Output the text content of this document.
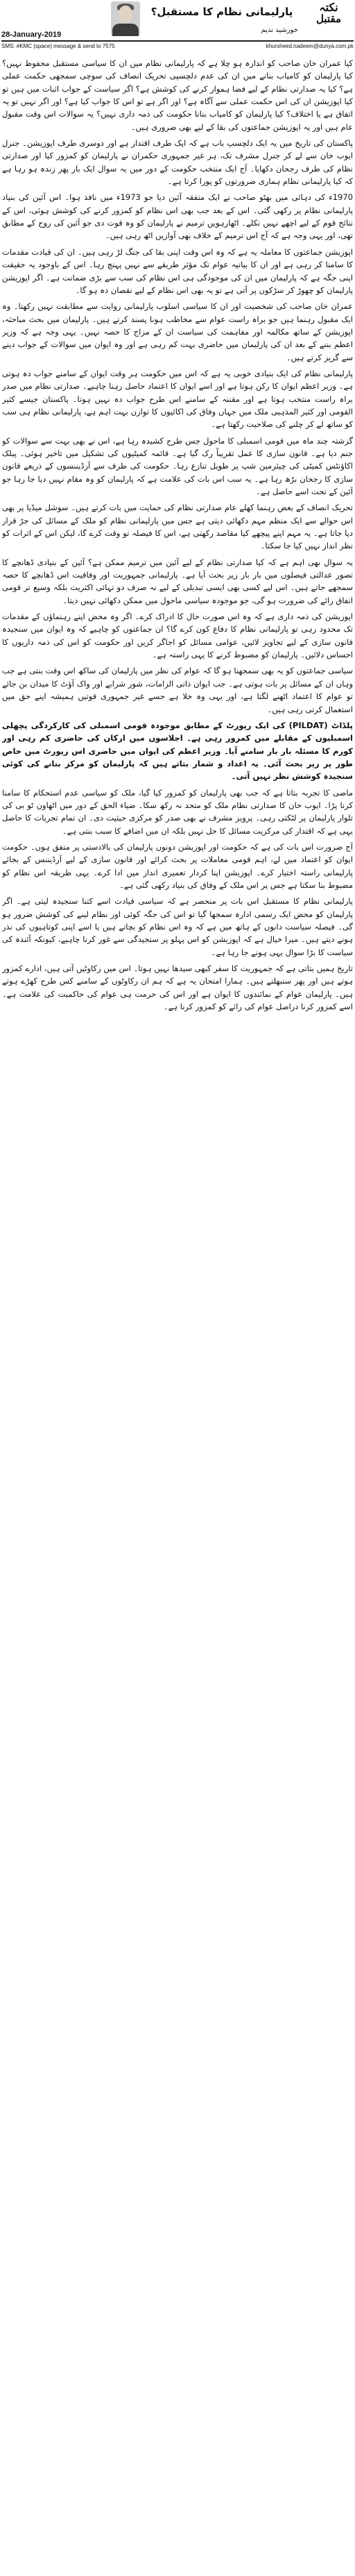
پارلیمانی نظام کا مستقبل؟	نکتہ
مقتبل
خورشید ندیم
28-January-2019
SMS: #KMC (space) message & send to 7575	khursheed.nadeem@dunya.com.pk

کیا عمران خان صاحب کو اندازہ ہو چلا ہے کہ پارلیمانی نظام میں ان کا سیاسی مستقبل محفوظ نہیں؟ کیا پارلیمان کو کامیاب بنانے میں ان کی عدم دلچسپی تحریک انصاف کی سوچی سمجھی حکمت عملی ہے؟ کیا یہ صدارتی نظام کے لیے فضا ہموار کرنے کی کوشش ہے؟ اگر سیاست کے جواب اثبات میں ہیں تو کیا اپوزیشن ان کی اس حکمت عملی سے آگاہ ہے؟ اور اگر ہے تو اس کا جواب کیا ہے؟ اور اگر نہیں تو یہ اتفاق ہے یا اختلاف؟ کیا پارلیمان کو کامیاب بنانا حکومت کی ذمہ داری نہیں؟ یہ سوالات اس وقت مقبول عام ہیں اور یہ اپوزیشن جماعتوں کی بقا کے لیے بھی ضروری ہیں۔

پاکستان کی تاریخ میں یہ ایک دلچسپ باب ہے کہ ایک طرف اقتدار ہے اور دوسری طرف اپوزیشن۔ جنرل ایوب خان سے لے کر جنرل مشرف تک، ہر غیر جمہوری حکمران نے پارلیمان کو کمزور کیا اور صدارتی نظام کی طرف رجحان دکھایا۔ آج ایک منتخب حکومت کے دور میں یہ سوال ایک بار پھر زندہ ہو رہا ہے کہ کیا پارلیمانی نظام ہماری ضرورتوں کو پورا کرتا ہے۔

1970ء کی دہائی میں بھٹو صاحب نے ایک متفقہ آئین دیا جو 1973ء میں نافذ ہوا۔ اس آئین کی بنیاد پارلیمانی نظام پر رکھی گئی۔ اس کے بعد جب بھی اس نظام کو کمزور کرنے کی کوشش ہوئی، اس کے نتائج قوم کے لیے اچھے نہیں نکلے۔ اٹھارہویں ترمیم نے پارلیمان کو وہ قوت دی جو آئین کی روح کے مطابق تھی، اور یہی وجہ ہے کہ آج اس ترمیم کے خلاف بھی آوازیں اٹھ رہی ہیں۔

اپوزیشن جماعتوں کا معاملہ یہ ہے کہ وہ اس وقت اپنی بقا کی جنگ لڑ رہی ہیں۔ ان کی قیادت مقدمات کا سامنا کر رہی ہے اور ان کا بیانیہ عوام تک مؤثر طریقے سے نہیں پہنچ رہا۔ اس کے باوجود یہ حقیقت اپنی جگہ ہے کہ پارلیمان میں ان کی موجودگی ہی اس نظام کی سب سے بڑی ضمانت ہے۔ اگر اپوزیشن پارلیمان کو چھوڑ کر سڑکوں پر آتی ہے تو یہ بھی اس نظام کے لیے نقصان دہ ہو گا۔

عمران خان صاحب کی شخصیت اور ان کا سیاسی اسلوب پارلیمانی روایت سے مطابقت نہیں رکھتا۔ وہ ایک مقبول رہنما ہیں جو براہ راست عوام سے مخاطب ہونا پسند کرتے ہیں۔ پارلیمان میں بحث مباحثہ، اپوزیشن کے ساتھ مکالمہ اور مفاہمت کی سیاست ان کے مزاج کا حصہ نہیں۔ یہی وجہ ہے کہ وزیر اعظم بننے کے بعد ان کی پارلیمان میں حاضری بہت کم رہی ہے اور وہ ایوان میں سوالات کے جواب دینے سے گریز کرتے ہیں۔

پارلیمانی نظام کی ایک بنیادی خوبی یہ ہے کہ اس میں حکومت ہر وقت ایوان کے سامنے جواب دہ ہوتی ہے۔ وزیر اعظم ایوان کا رکن ہوتا ہے اور اسے ایوان کا اعتماد حاصل رہنا چاہیے۔ صدارتی نظام میں صدر براہ راست منتخب ہوتا ہے اور مقننہ کے سامنے اس طرح جواب دہ نہیں ہوتا۔ پاکستان جیسے کثیر القومی اور کثیر المذہبی ملک میں جہاں وفاق کی اکائیوں کا توازن بہت اہم ہے، پارلیمانی نظام ہی سب کو ساتھ لے کر چلنے کی صلاحیت رکھتا ہے۔

گزشتہ چند ماہ میں قومی اسمبلی کا ماحول جس طرح کشیدہ رہا ہے، اس نے بھی بہت سے سوالات کو جنم دیا ہے۔ قانون سازی کا عمل تقریباً رک گیا ہے۔ قائمہ کمیٹیوں کی تشکیل میں تاخیر ہوئی۔ پبلک اکاؤنٹس کمیٹی کی چیئرمین شپ پر طویل تنازع رہا۔ حکومت کی طرف سے آرڈیننسوں کے ذریعے قانون سازی کا رجحان بڑھ رہا ہے۔ یہ سب اس بات کی علامت ہے کہ پارلیمان کو وہ مقام نہیں دیا جا رہا جو آئین کے تحت اسے حاصل ہے۔

تحریک انصاف کے بعض رہنما کھلے عام صدارتی نظام کی حمایت میں بات کرتے ہیں۔ سوشل میڈیا پر بھی اس حوالے سے ایک منظم مہم دکھائی دیتی ہے جس میں پارلیمانی نظام کو ملک کے مسائل کی جڑ قرار دیا جاتا ہے۔ یہ مہم اپنے پیچھے کیا مقاصد رکھتی ہے، اس کا فیصلہ تو وقت کرے گا، لیکن اس کے اثرات کو نظر انداز نہیں کیا جا سکتا۔

یہ سوال بھی اہم ہے کہ کیا صدارتی نظام کے لیے آئین میں ترمیم ممکن ہے؟ آئین کے بنیادی ڈھانچے کا تصور عدالتی فیصلوں میں بار بار زیر بحث آیا ہے۔ پارلیمانی جمہوریت اور وفاقیت اس ڈھانچے کا حصہ سمجھے جاتے ہیں۔ اس لیے کسی بھی ایسی تبدیلی کے لیے نہ صرف دو تہائی اکثریت بلکہ وسیع تر قومی اتفاق رائے کی ضرورت ہو گی، جو موجودہ سیاسی ماحول میں ممکن دکھائی نہیں دیتا۔

اپوزیشن کی ذمہ داری ہے کہ وہ اس صورت حال کا ادراک کرے۔ اگر وہ محض اپنے رہنماؤں کے مقدمات تک محدود رہی تو پارلیمانی نظام کا دفاع کون کرے گا؟ ان جماعتوں کو چاہیے کہ وہ ایوان میں سنجیدہ قانون سازی کے لیے تجاویز لائیں، عوامی مسائل کو اجاگر کریں اور حکومت کو اس کی ذمہ داریوں کا احساس دلائیں۔ پارلیمان کو مضبوط کرنے کا یہی راستہ ہے۔

سیاسی جماعتوں کو یہ بھی سمجھنا ہو گا کہ عوام کی نظر میں پارلیمان کی ساکھ اس وقت بنتی ہے جب وہاں ان کے مسائل پر بات ہوتی ہے۔ جب ایوان ذاتی الزامات، شور شرابے اور واک آؤٹ کا میدان بن جائے تو عوام کا اعتماد اٹھنے لگتا ہے، اور یہی وہ خلا ہے جسے غیر جمہوری قوتیں ہمیشہ اپنے حق میں استعمال کرتی رہی ہیں۔

پلڈاٹ (PILDAT) کی ایک رپورٹ کے مطابق موجودہ قومی اسمبلی کی کارکردگی پچھلی اسمبلیوں کے مقابلے میں کمزور رہی ہے۔ اجلاسوں میں ارکان کی حاضری کم رہی اور کورم کا مسئلہ بار بار سامنے آیا۔ وزیر اعظم کی ایوان میں حاضری اس رپورٹ میں خاص طور پر زیر بحث آئی۔ یہ اعداد و شمار بتاتے ہیں کہ پارلیمان کو مرکز بنانے کی کوئی سنجیدہ کوشش نظر نہیں آتی۔

ماضی کا تجربہ بتاتا ہے کہ جب بھی پارلیمان کو کمزور کیا گیا، ملک کو سیاسی عدم استحکام کا سامنا کرنا پڑا۔ ایوب خان کا صدارتی نظام ملک کو متحد نہ رکھ سکا۔ ضیاء الحق کے دور میں اٹھاون ٹو بی کی تلوار پارلیمان پر لٹکتی رہی۔ پرویز مشرف نے بھی صدر کو مرکزی حیثیت دی۔ ان تمام تجربات کا حاصل یہی ہے کہ اقتدار کی مرکزیت مسائل کا حل نہیں بلکہ ان میں اضافے کا سبب بنتی ہے۔

آج ضرورت اس بات کی ہے کہ حکومت اور اپوزیشن دونوں پارلیمان کی بالادستی پر متفق ہوں۔ حکومت ایوان کو اعتماد میں لے، اہم قومی معاملات پر بحث کرائے اور قانون سازی کے لیے آرڈیننس کے بجائے پارلیمانی راستہ اختیار کرے۔ اپوزیشن اپنا کردار تعمیری انداز میں ادا کرے۔ یہی طریقہ اس نظام کو مضبوط بنا سکتا ہے جس پر اس ملک کے وفاق کی بنیاد رکھی گئی ہے۔

پارلیمانی نظام کا مستقبل اس بات پر منحصر ہے کہ سیاسی قیادت اسے کتنا سنجیدہ لیتی ہے۔ اگر پارلیمان کو محض ایک رسمی ادارہ سمجھا گیا تو اس کی جگہ کوئی اور نظام لینے کی کوشش ضرور ہو گی۔ فیصلہ سیاست دانوں کے ہاتھ میں ہے کہ وہ اس نظام کو بچاتے ہیں یا اسے اپنی کوتاہیوں کی نذر ہونے دیتے ہیں۔ میرا خیال ہے کہ اپوزیشن کو اس پہلو پر سنجیدگی سے غور کرنا چاہیے، کیونکہ آئندہ کی سیاست کا بڑا سوال یہی ہونے جا رہا ہے۔

تاریخ ہمیں بتاتی ہے کہ جمہوریت کا سفر کبھی سیدھا نہیں ہوتا۔ اس میں رکاوٹیں آتی ہیں، ادارے کمزور ہوتے ہیں اور پھر سنبھلتے ہیں۔ ہمارا امتحان یہ ہے کہ ہم ان رکاوٹوں کے سامنے کس طرح کھڑے ہوتے ہیں۔ پارلیمان عوام کے نمائندوں کا ایوان ہے اور اس کی حرمت ہی عوام کی حاکمیت کی علامت ہے۔ اسے کمزور کرنا دراصل عوام کی رائے کو کمزور کرنا ہے۔
